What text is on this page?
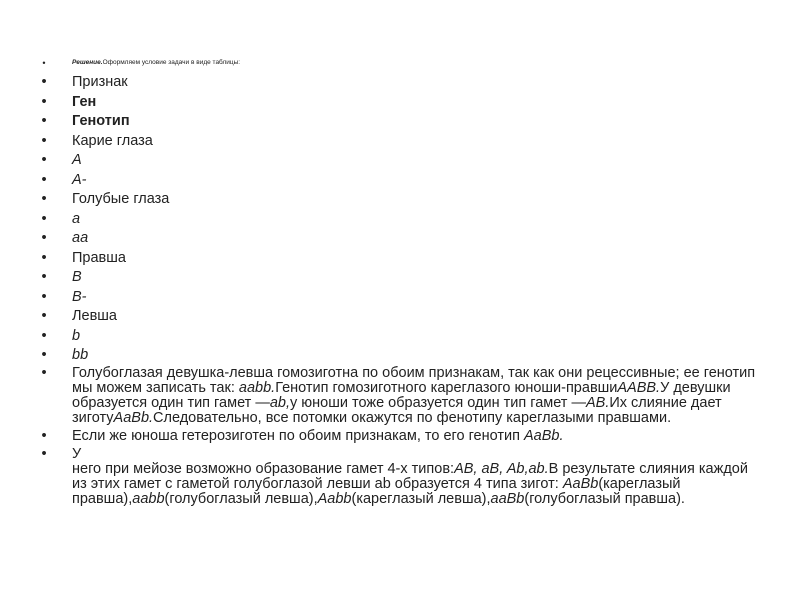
•	Решение.Оформляем условие задачи в виде таблицы:
• Признак
• Ген
• Генотип
• Карие глаза
• A
• A-
• Голубые глаза
• a
• aa
• Правша
• B
• B-
• Левша
• b
• bb
• Голубоглазая девушка-левша гомозиготна по обоим признакам, так как они рецессивные; ее генотип мы можем записать так: aabb.Генотип гомозиготного кареглазого юноши-правшиAABB.У девушки образуется один тип гамет —ab,у юноши тоже образуется один тип гамет —AB.Их слияние дает зиготуAaBb.Следовательно, все потомки окажутся по фенотипу кареглазыми правшами.
• Если же юноша гетерозиготен по обоим признакам, то его генотип AaBb.
• У
него при мейозе возможно образование гамет 4-х типов:AB, aB, Ab,ab.В результате слияния каждой из этих гамет с гаметой голубоглазой левши ab образуется 4 типа зигот: AaBb(кареглазый правша),aabb(голубоглазый левша),Aabb(кареглазый левша),aaBb(голубоглазый правша).
